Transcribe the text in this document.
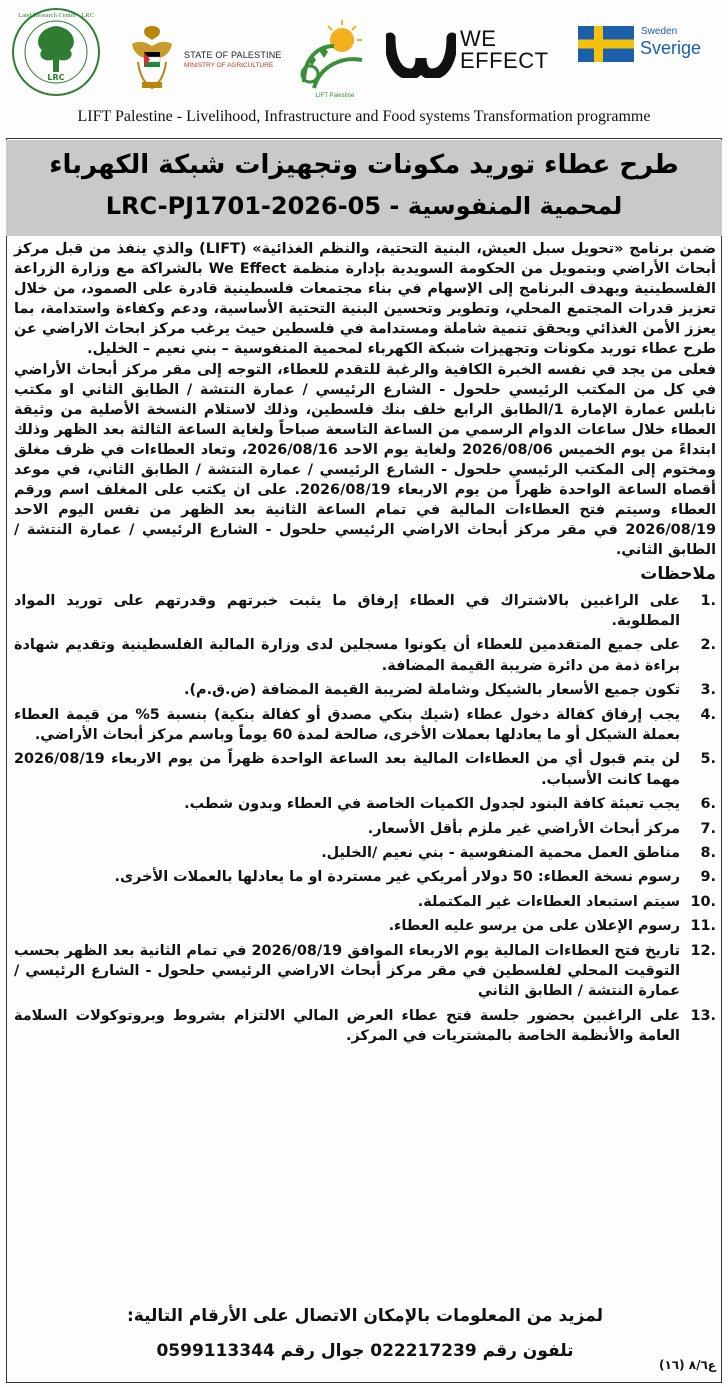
LRC
Land Research Center - LRC
STATE OF PALESTINE
MINISTRY OF AGRICULTURE
LIFT Palestine
WE
EFFECT
Sweden
Sverige
LIFT Palestine - Livelihood, Infrastructure and Food systems Transformation programme
طرح عطاء توريد مكونات وتجهيزات شبكة الكهرباء
لمحمية المنفوسية - LRC-PJ1701-2026-05

ضمن برنامج «تحويل سبل العيش، البنية التحتية، والنظم الغذائية» (LIFT) والذي ينفذ من قبل مركز أبحاث الأراضي وبتمويل من الحكومة السويدية بإدارة منظمة We Effect بالشراكة مع وزارة الزراعة الفلسطينية ويهدف البرنامج إلى الإسهام في بناء مجتمعات فلسطينية قادرة على الصمود، من خلال تعزيز قدرات المجتمع المحلي، وتطوير وتحسين البنية التحتية الأساسية، ودعم وكفاءة واستدامة، بما يعزز الأمن الغذائي ويحقق تنمية شاملة ومستدامة في فلسطين حيث يرغب مركز ابحاث الاراضي عن طرح عطاء توريد مكونات وتجهيزات شبكة الكهرباء لمحمية المنفوسية – بني نعيم – الخليل.

فعلى من يجد في نفسه الخبرة الكافية والرغبة للتقدم للعطاء، التوجه إلى مقر مركز أبحاث الأراضي في كل من المكتب الرئيسي حلحول - الشارع الرئيسي / عمارة النتشة / الطابق الثاني او مكتب نابلس عمارة الإمارة 1/الطابق الرابع خلف بنك فلسطين، وذلك لاستلام النسخة الأصلية من وثيقة العطاء خلال ساعات الدوام الرسمي من الساعة التاسعة صباحاً ولغاية الساعة الثالثة بعد الظهر وذلك ابتداءً من يوم الخميس 2026/08/06 ولغاية يوم الاحد 2026/08/16، وتعاد العطاءات في ظرف مغلق ومختوم إلى المكتب الرئيسي حلحول - الشارع الرئيسي / عمارة النتشة / الطابق الثاني، في موعد أقصاه الساعة الواحدة ظهراً من يوم الاربعاء 2026/08/19. على ان يكتب على المغلف اسم ورقم العطاء وسيتم فتح العطاءات المالية في تمام الساعة الثانية بعد الظهر من نفس اليوم الاحد 2026/08/19 في مقر مركز أبحاث الاراضي الرئيسي حلحول - الشارع الرئيسي / عمارة النتشة / الطابق الثاني.

ملاحظات
1.
على الراغبين بالاشتراك في العطاء إرفاق ما يثبت خبرتهم وقدرتهم على توريد المواد المطلوبة.
2.
على جميع المتقدمين للعطاء أن يكونوا مسجلين لدى وزارة المالية الفلسطينية وتقديم شهادة براءة ذمة من دائرة ضريبة القيمة المضافة.
3.
تكون جميع الأسعار بالشيكل وشاملة لضريبة القيمة المضافة (ض.ق.م).
4.
يجب إرفاق كفالة دخول عطاء (شيك بنكي مصدق أو كفالة بنكية) بنسبة 5% من قيمة العطاء بعملة الشيكل أو ما يعادلها بعملات الأخرى، صالحة لمدة 60 يوماً وباسم مركز أبحاث الأراضي.
5.
لن يتم قبول أي من العطاءات المالية بعد الساعة الواحدة ظهراً من يوم الاربعاء 2026/08/19 مهما كانت الأسباب.
6.
يجب تعبئة كافة البنود لجدول الكميات الخاصة في العطاء وبدون شطب.
7.
مركز أبحاث الأراضي غير ملزم بأقل الأسعار.
8.
مناطق العمل محمية المنفوسية - بني نعيم /الخليل.
9.
رسوم نسخة العطاء: 50 دولار أمريكي غير مستردة او ما يعادلها بالعملات الأخرى.
10.
سيتم استبعاد العطاءات غير المكتملة.
11.
رسوم الإعلان على من يرسو عليه العطاء.
12.
تاريخ فتح العطاءات المالية يوم الاربعاء الموافق 2026/08/19 في تمام الثانية بعد الظهر بحسب التوقيت المحلي لفلسطين في مقر مركز أبحاث الاراضي الرئيسي حلحول - الشارع الرئيسي / عمارة النتشة / الطابق الثاني
13.
على الراغبين بحضور جلسة فتح عطاء العرض المالي الالتزام بشروط وبروتوكولات السلامة العامة والأنظمة الخاصة بالمشتريات في المركز.
لمزيد من المعلومات بالإمكان الاتصال على الأرقام التالية:
تلفون رقم 022217239 جوال رقم 0599113344
ع٨/٦ (١٦)
